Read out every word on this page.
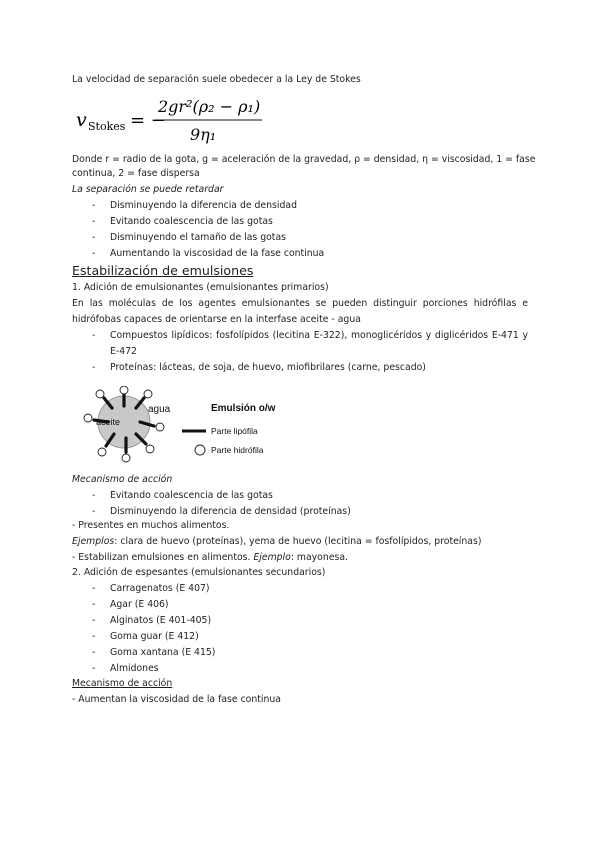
La velocidad de separación suele obedecer a la Ley de Stokes
v Stokes = −
2gr²(ρ₂ − ρ₁)
9η₁
Donde r = radio de la gota, g = aceleración de la gravedad, ρ = densidad, η = viscosidad, 1 = fase
continua, 2 = fase dispersa
La separación se puede retardar
- Disminuyendo la diferencia de densidad
- Evitando coalescencia de las gotas
- Disminuyendo el tamaño de las gotas
- Aumentando la viscosidad de la fase continua
Estabilización de emulsiones
1. Adición de emulsionantes (emulsionantes primarios)
En las moléculas de los agentes emulsionantes se pueden distinguir porciones hidrófilas e
hidrófobas capaces de orientarse en la interfase aceite - agua
- Compuestos lipídicos: fosfolípidos (lecitina E-322), monoglicéridos y diglicéridos E-471 y
E-472
- Proteínas: lácteas, de soja, de huevo, miofibrilares (carne, pescado)
aceite
agua	Emulsión o/w
Parte lipófila
Parte hidrófila
Mecanismo de acción
- Evitando coalescencia de las gotas
- Disminuyendo la diferencia de densidad (proteínas)
- Presentes en muchos alimentos.
Ejemplos: clara de huevo (proteínas), yema de huevo (lecitina = fosfolípidos, proteínas)
- Estabilizan emulsiones en alimentos. Ejemplo: mayonesa.
2. Adición de espesantes (emulsionantes secundarios)
- Carragenatos (E 407)
- Agar (E 406)
- Alginatos (E 401-405)
- Goma guar (E 412)
- Goma xantana (E 415)
- Almidones
Mecanismo de acción
- Aumentan la viscosidad de la fase continua
